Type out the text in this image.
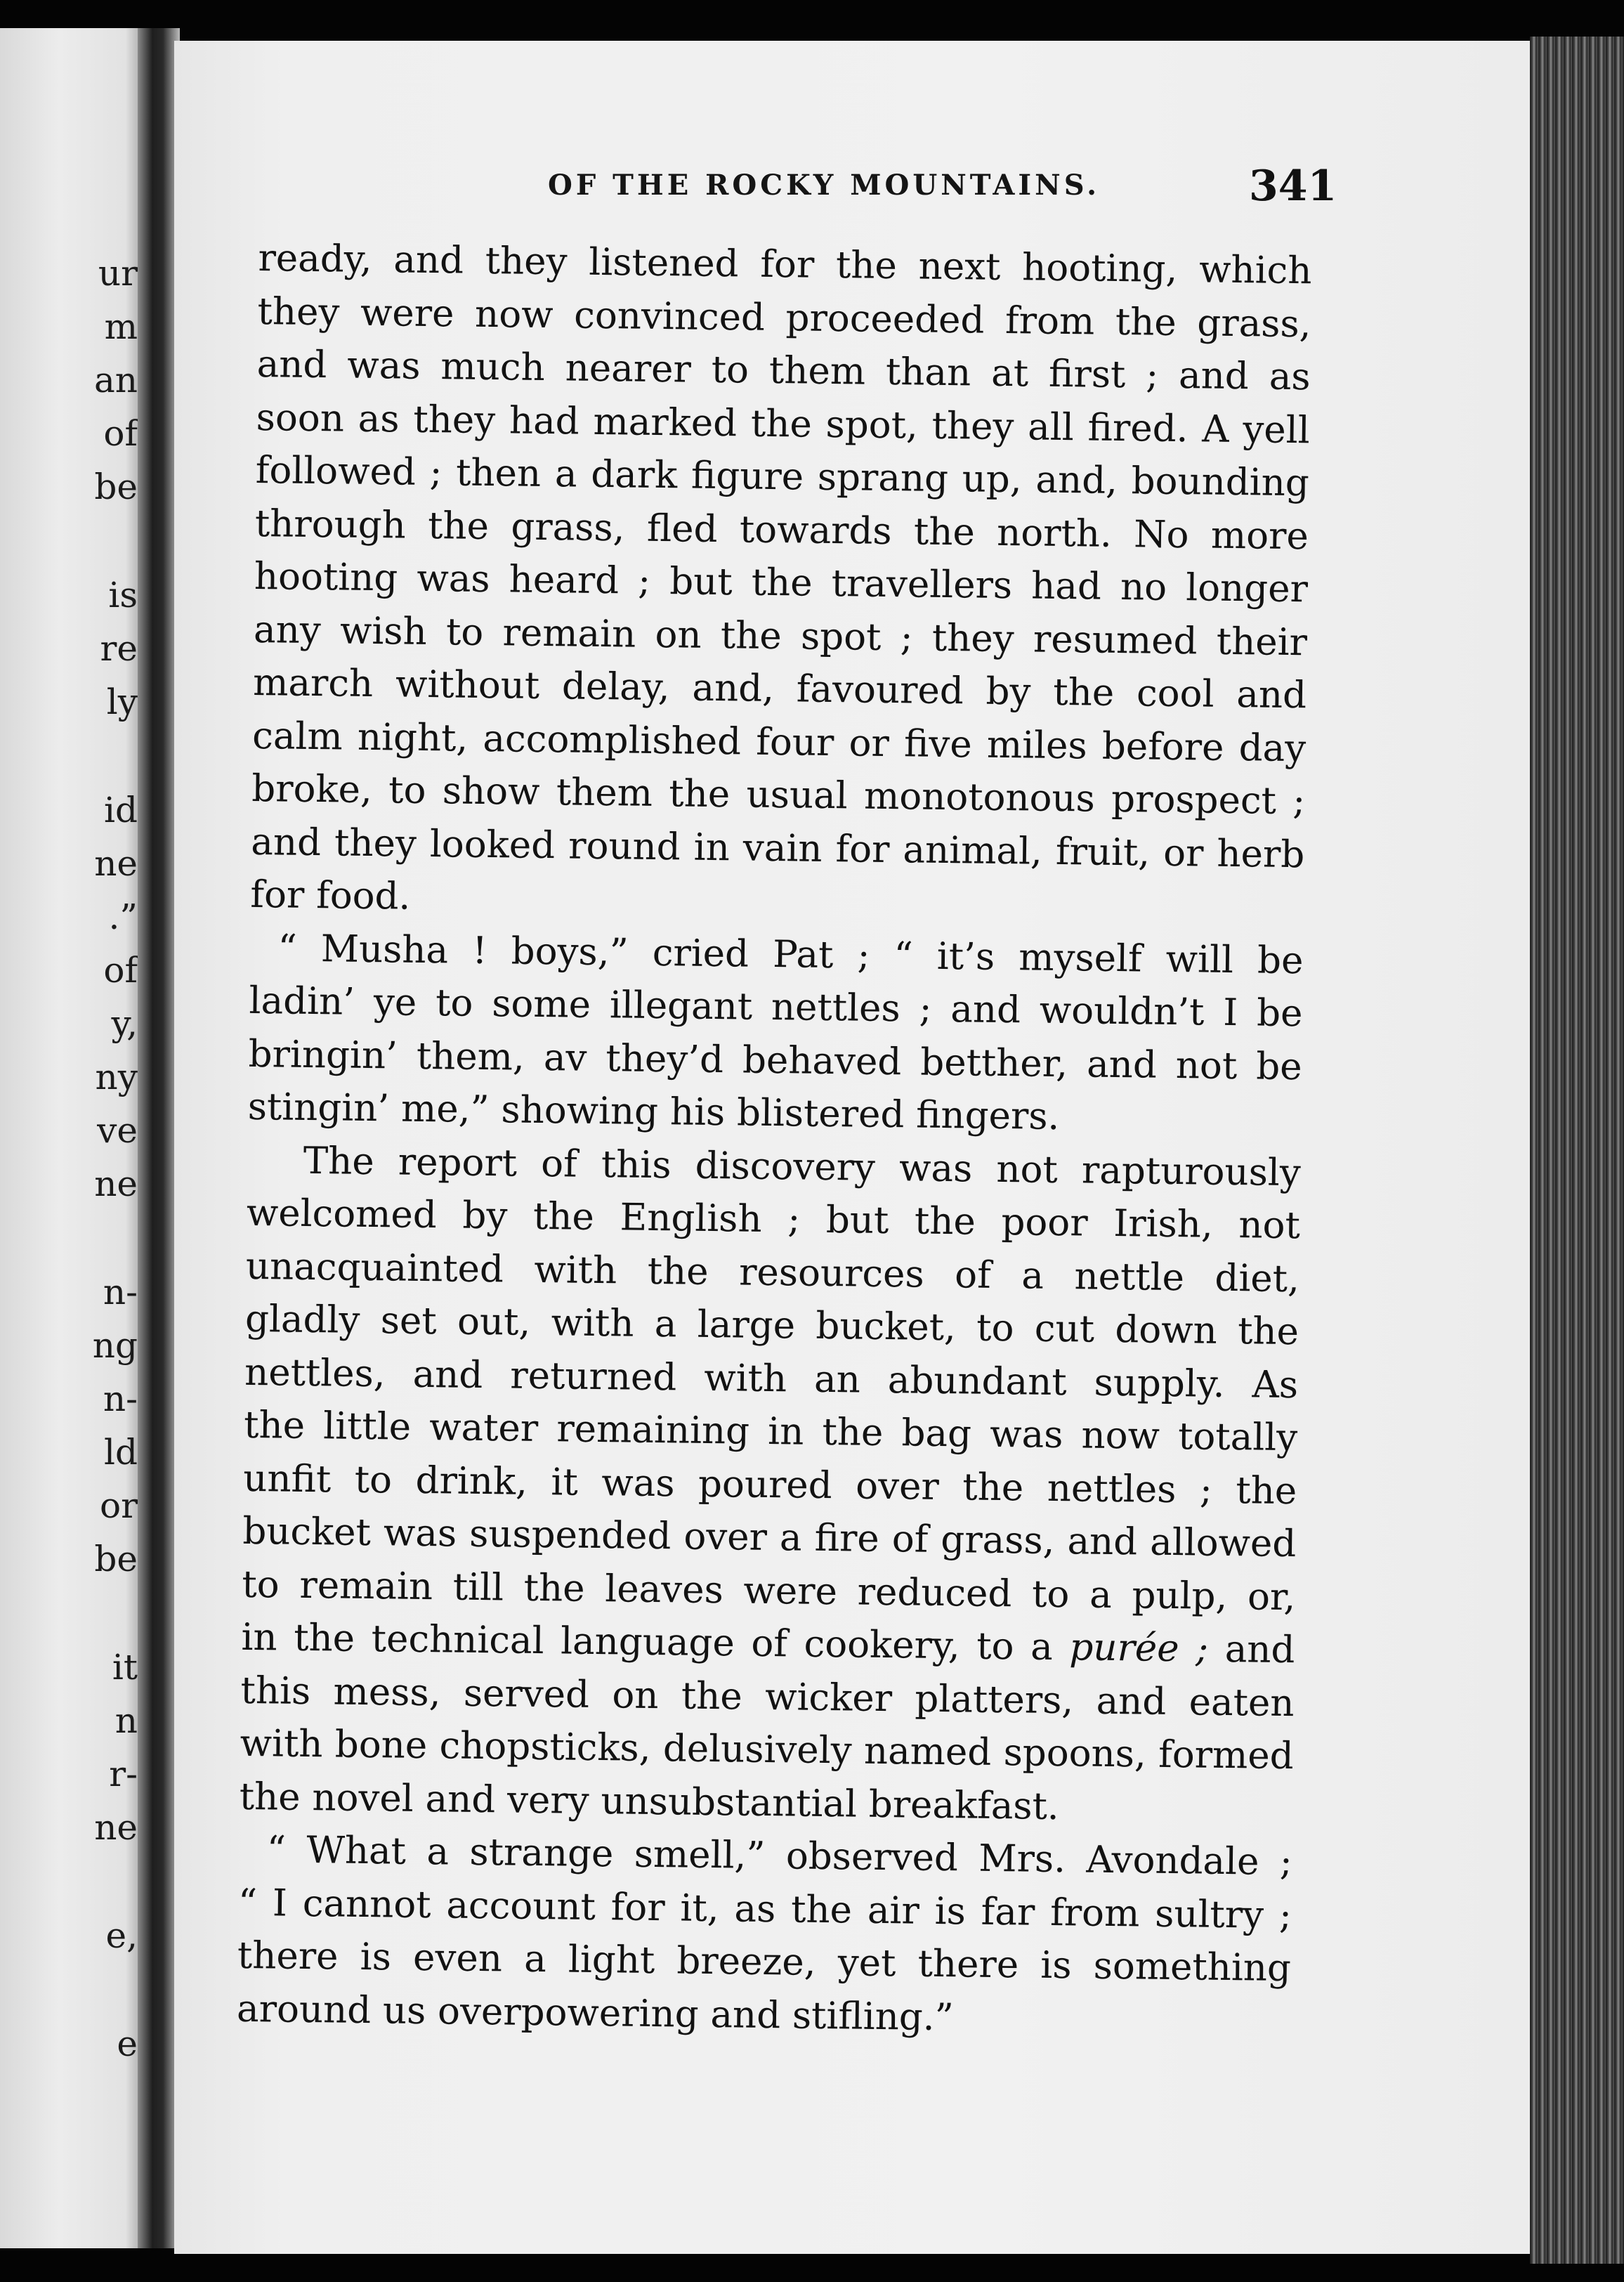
ur
m
an
of
be
is
re
ly
id
ne
.”
of
y,
ny
ve
ne
n-
ng
n-
ld
or
be
it
n
r-
ne
e,
e
OF THE ROCKY MOUNTAINS.	341
ready, and they listened for the next hooting, which
they were now convinced proceeded from the grass,
and was much nearer to them than at first ; and as
soon as they had marked the spot, they all fired. A yell
followed ; then a dark figure sprang up, and, bounding
through the grass, fled towards the north. No more
hooting was heard ; but the travellers had no longer
any wish to remain on the spot ; they resumed their
march without delay, and, favoured by the cool and
calm night, accomplished four or five miles before day
broke, to show them the usual monotonous prospect ;
and they looked round in vain for animal, fruit, or herb
for food.
“ Musha ! boys,” cried Pat ; “ it’s myself will be
ladin’ ye to some illegant nettles ; and wouldn’t I be
bringin’ them, av they’d behaved betther, and not be
stingin’ me,” showing his blistered fingers.
The report of this discovery was not rapturously
welcomed by the English ; but the poor Irish, not
unacquainted with the resources of a nettle diet,
gladly set out, with a large bucket, to cut down the
nettles, and returned with an abundant supply. As
the little water remaining in the bag was now totally
unfit to drink, it was poured over the nettles ; the
bucket was suspended over a fire of grass, and allowed
to remain till the leaves were reduced to a pulp, or,
in the technical language of cookery, to a purée ; and
this mess, served on the wicker platters, and eaten
with bone chopsticks, delusively named spoons, formed
the novel and very unsubstantial breakfast.
“ What a strange smell,” observed Mrs. Avondale ;
“ I cannot account for it, as the air is far from sultry ;
there is even a light breeze, yet there is something
around us overpowering and stifling.”
